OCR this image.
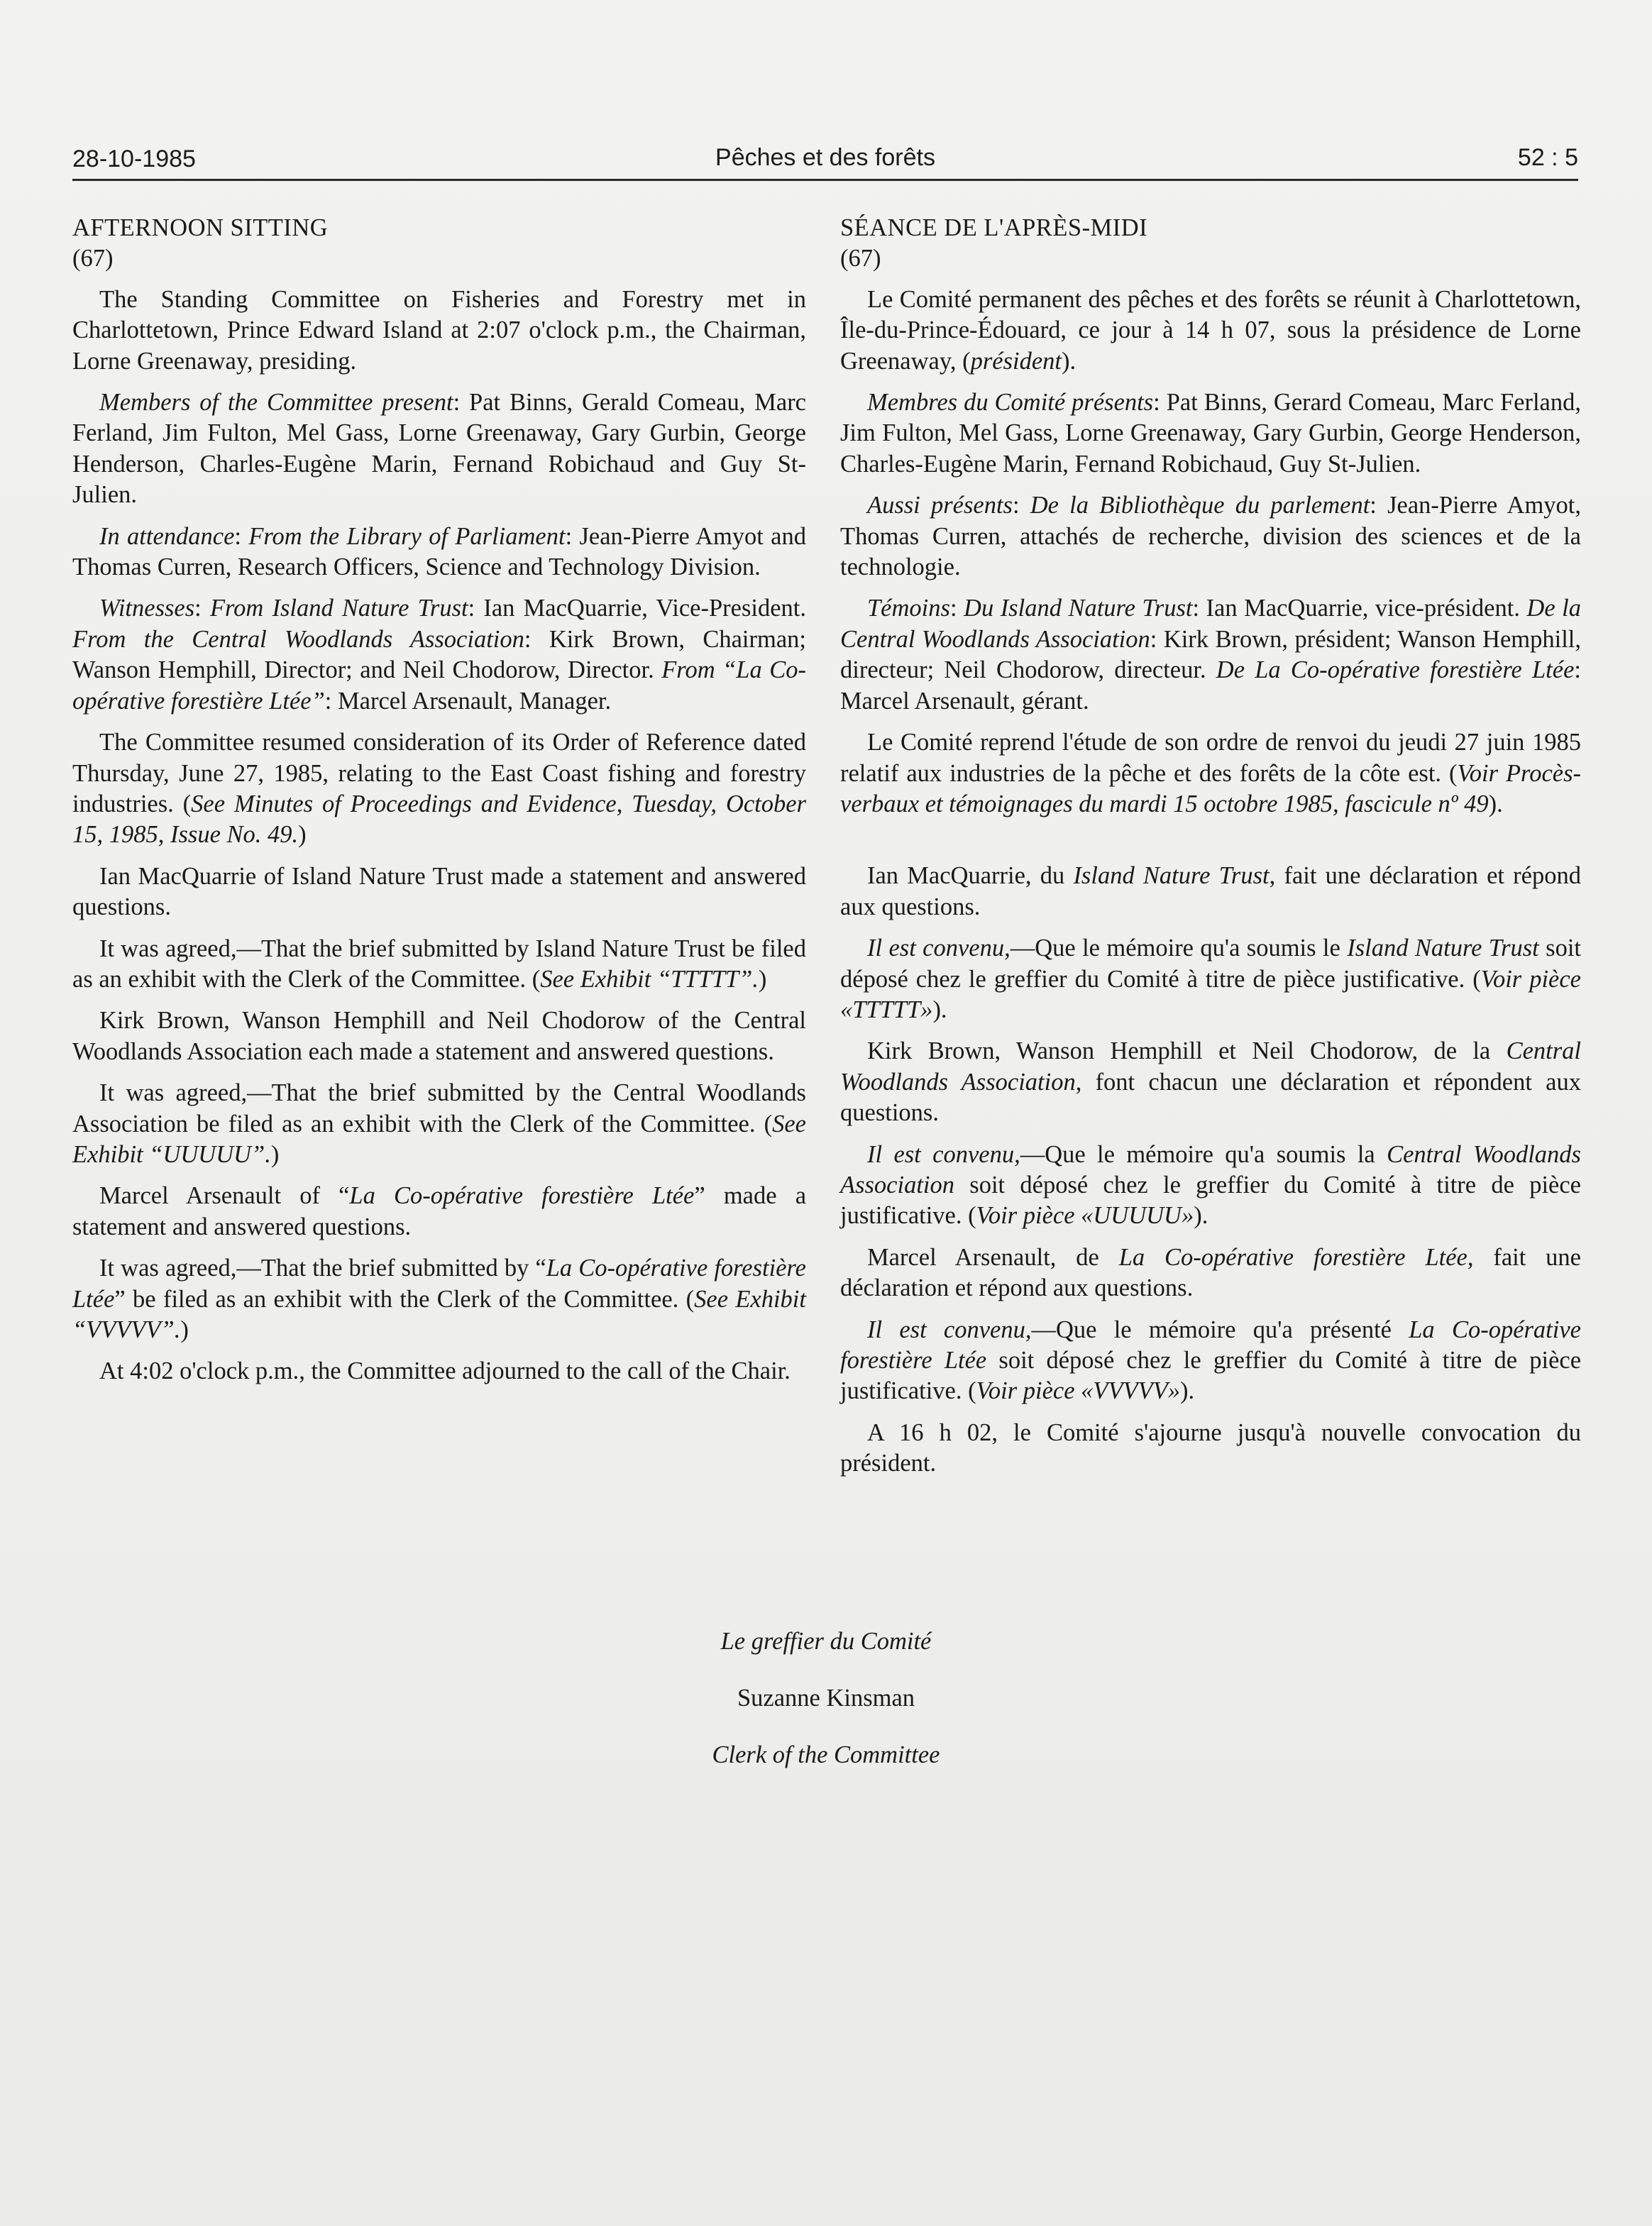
28-10-1985	Pêches et des forêts	52 : 5

AFTERNOON SITTING

(67)

The Standing Committee on Fisheries and Forestry met in Charlottetown, Prince Edward Island at 2:07 o'clock p.m., the Chairman, Lorne Greenaway, presiding.

Members of the Committee present: Pat Binns, Gerald Comeau, Marc Ferland, Jim Fulton, Mel Gass, Lorne Greenaway, Gary Gurbin, George Henderson, Charles-Eugène Marin, Fernand Robichaud and Guy St-Julien.

In attendance: From the Library of Parliament: Jean-Pierre Amyot and Thomas Curren, Research Officers, Science and Technology Division.

Witnesses: From Island Nature Trust: Ian MacQuarrie, Vice-President. From the Central Woodlands Association: Kirk Brown, Chairman; Wanson Hemphill, Director; and Neil Chodorow, Director. From “La Co-opérative forestière Ltée”: Marcel Arsenault, Manager.

The Committee resumed consideration of its Order of Reference dated Thursday, June 27, 1985, relating to the East Coast fishing and forestry industries. (See Minutes of Proceedings and Evidence, Tuesday, October 15, 1985, Issue No. 49.)

Ian MacQuarrie of Island Nature Trust made a statement and answered questions.

It was agreed,—That the brief submitted by Island Nature Trust be filed as an exhibit with the Clerk of the Committee. (See Exhibit “TTTTT”.)

Kirk Brown, Wanson Hemphill and Neil Chodorow of the Central Woodlands Association each made a statement and answered questions.

It was agreed,—That the brief submitted by the Central Woodlands Association be filed as an exhibit with the Clerk of the Committee. (See Exhibit “UUUUU”.)

Marcel Arsenault of “La Co-opérative forestière Ltée” made a statement and answered questions.

It was agreed,—That the brief submitted by “La Co-opérative forestière Ltée” be filed as an exhibit with the Clerk of the Committee. (See Exhibit “VVVVV”.)

At 4:02 o'clock p.m., the Committee adjourned to the call of the Chair.

SÉANCE DE L'APRÈS-MIDI

(67)

Le Comité permanent des pêches et des forêts se réunit à Charlottetown, Île-du-Prince-Édouard, ce jour à 14 h 07, sous la présidence de Lorne Greenaway, (président).

Membres du Comité présents: Pat Binns, Gerard Comeau, Marc Ferland, Jim Fulton, Mel Gass, Lorne Greenaway, Gary Gurbin, George Henderson, Charles-Eugène Marin, Fernand Robichaud, Guy St-Julien.

Aussi présents: De la Bibliothèque du parlement: Jean-Pierre Amyot, Thomas Curren, attachés de recherche, division des sciences et de la technologie.

Témoins: Du Island Nature Trust: Ian MacQuarrie, vice-président. De la Central Woodlands Association: Kirk Brown, président; Wanson Hemphill, directeur; Neil Chodorow, directeur. De La Co-opérative forestière Ltée: Marcel Arsenault, gérant.

Le Comité reprend l'étude de son ordre de renvoi du jeudi 27 juin 1985 relatif aux industries de la pêche et des forêts de la côte est. (Voir Procès-verbaux et témoignages du mardi 15 octobre 1985, fascicule nº 49).

Ian MacQuarrie, du Island Nature Trust, fait une déclaration et répond aux questions.

Il est convenu,—Que le mémoire qu'a soumis le Island Nature Trust soit déposé chez le greffier du Comité à titre de pièce justificative. (Voir pièce «TTTTT»).

Kirk Brown, Wanson Hemphill et Neil Chodorow, de la Central Woodlands Association, font chacun une déclaration et répondent aux questions.

Il est convenu,—Que le mémoire qu'a soumis la Central Woodlands Association soit déposé chez le greffier du Comité à titre de pièce justificative. (Voir pièce «UUUUU»).

Marcel Arsenault, de La Co-opérative forestière Ltée, fait une déclaration et répond aux questions.

Il est convenu,—Que le mémoire qu'a présenté La Co-opérative forestière Ltée soit déposé chez le greffier du Comité à titre de pièce justificative. (Voir pièce «VVVVV»).

A 16 h 02, le Comité s'ajourne jusqu'à nouvelle convocation du président.

Le greffier du Comité
Suzanne Kinsman
Clerk of the Committee
